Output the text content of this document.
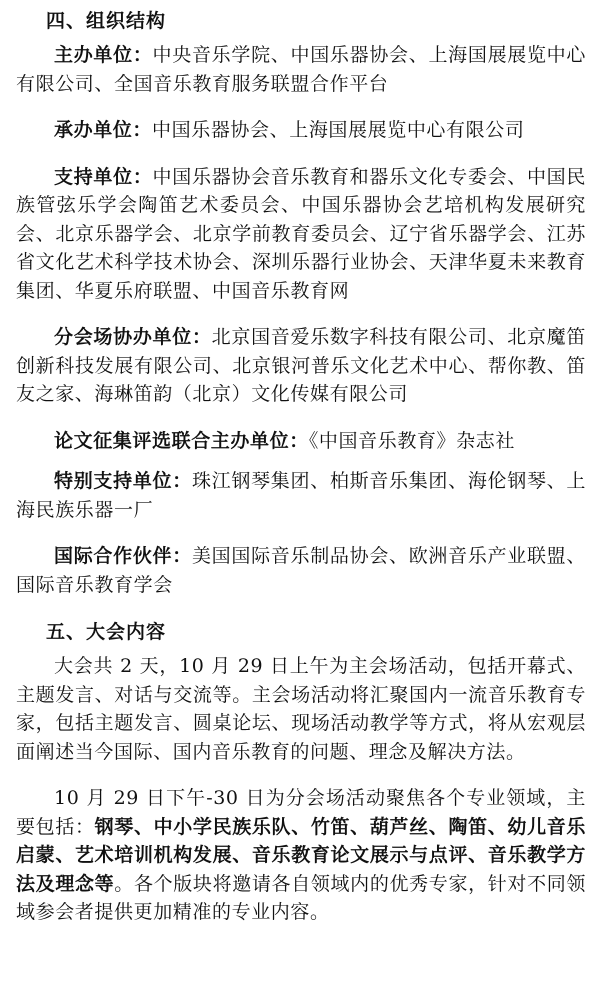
四、组织结构

主办单位：中央音乐学院、中国乐器协会、上海国展展览中心有限公司、全国音乐教育服务联盟合作平台

承办单位：中国乐器协会、上海国展展览中心有限公司

支持单位：中国乐器协会音乐教育和器乐文化专委会、中国民族管弦乐学会陶笛艺术委员会、中国乐器协会艺培机构发展研究会、北京乐器学会、北京学前教育委员会、辽宁省乐器学会、江苏省文化艺术科学技术协会、深圳乐器行业协会、天津华夏未来教育集团、华夏乐府联盟、中国音乐教育网

分会场协办单位：北京国音爱乐数字科技有限公司、北京魔笛创新科技发展有限公司、北京银河普乐文化艺术中心、帮你教、笛友之家、海琳笛韵（北京）文化传媒有限公司

论文征集评选联合主办单位：《中国音乐教育》杂志社

特别支持单位：珠江钢琴集团、柏斯音乐集团、海伦钢琴、上海民族乐器一厂

国际合作伙伴：美国国际音乐制品协会、欧洲音乐产业联盟、国际音乐教育学会

五、大会内容

大会共 2 天，10 月 29 日上午为主会场活动，包括开幕式、主题发言、对话与交流等。主会场活动将汇聚国内一流音乐教育专家，包括主题发言、圆桌论坛、现场活动教学等方式，将从宏观层面阐述当今国际、国内音乐教育的问题、理念及解决方法。

10 月 29 日下午-30 日为分会场活动聚焦各个专业领域，主要包括：钢琴、中小学民族乐队、竹笛、葫芦丝、陶笛、幼儿音乐启蒙、艺术培训机构发展、音乐教育论文展示与点评、音乐教学方法及理念等。各个版块将邀请各自领域内的优秀专家，针对不同领域参会者提供更加精准的专业内容。
